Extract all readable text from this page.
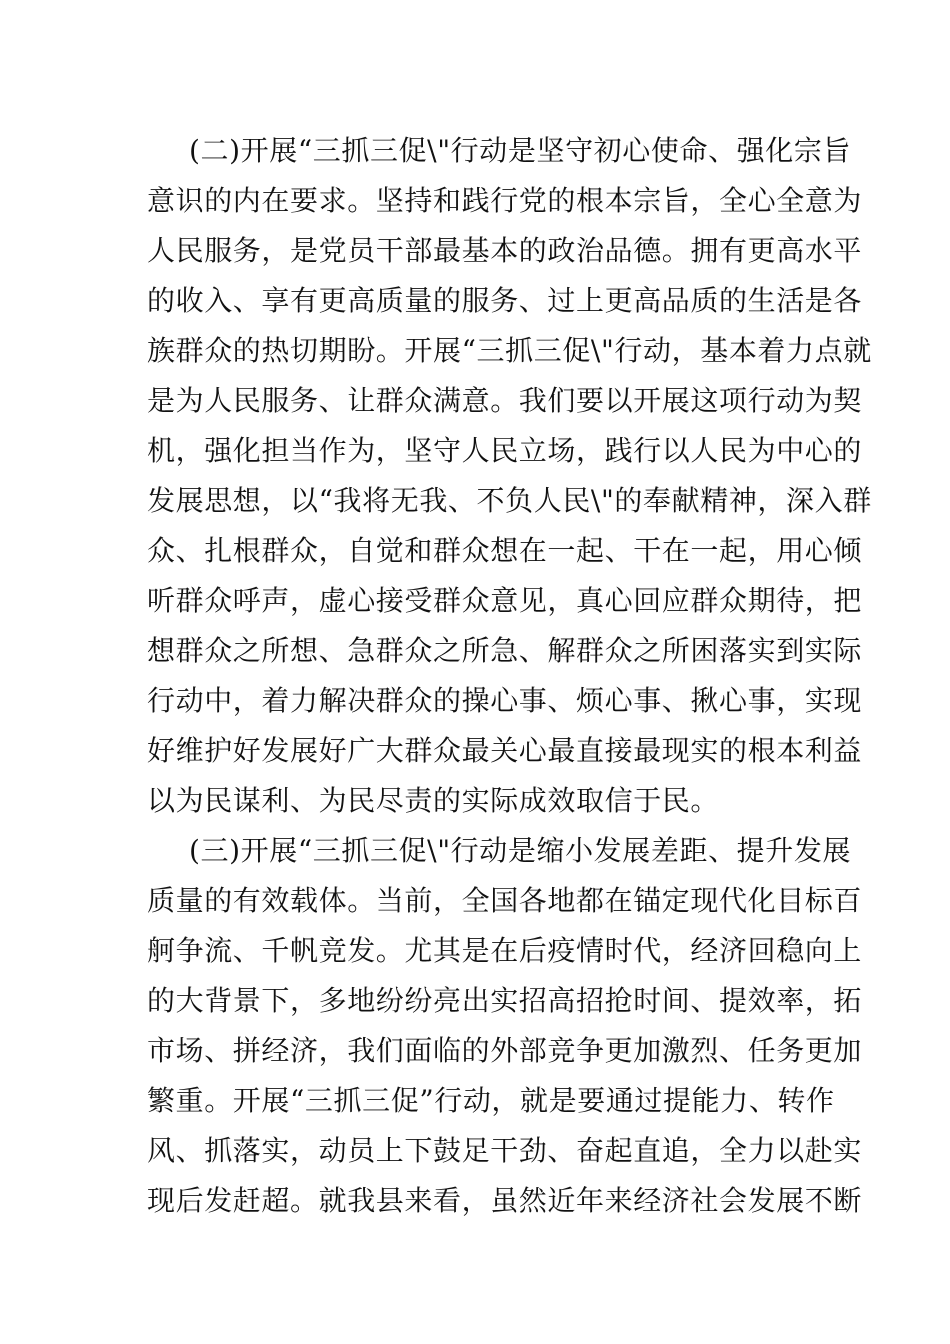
(二)开展“三抓三促\"行动是坚守初心使命、强化宗旨
意识的内在要求。坚持和践行党的根本宗旨，全心全意为
人民服务，是党员干部最基本的政治品德。拥有更高水平
的收入、享有更高质量的服务、过上更高品质的生活是各
族群众的热切期盼。开展“三抓三促\"行动，基本着力点就
是为人民服务、让群众满意。我们要以开展这项行动为契
机，强化担当作为，坚守人民立场，践行以人民为中心的
发展思想，以“我将无我、不负人民\"的奉献精神，深入群
众、扎根群众，自觉和群众想在一起、干在一起，用心倾
听群众呼声，虚心接受群众意见，真心回应群众期待，把
想群众之所想、急群众之所急、解群众之所困落实到实际
行动中，着力解决群众的操心事、烦心事、揪心事，实现
好维护好发展好广大群众最关心最直接最现实的根本利益
以为民谋利、为民尽责的实际成效取信于民。
(三)开展“三抓三促\"行动是缩小发展差距、提升发展
质量的有效载体。当前，全国各地都在锚定现代化目标百
舸争流、千帆竞发。尤其是在后疫情时代，经济回稳向上
的大背景下，多地纷纷亮出实招高招抢时间、提效率，拓
市场、拼经济，我们面临的外部竞争更加激烈、任务更加
繁重。开展“三抓三促”行动，就是要通过提能力、转作
风、抓落实，动员上下鼓足干劲、奋起直追，全力以赴实
现后发赶超。就我县来看，虽然近年来经济社会发展不断
